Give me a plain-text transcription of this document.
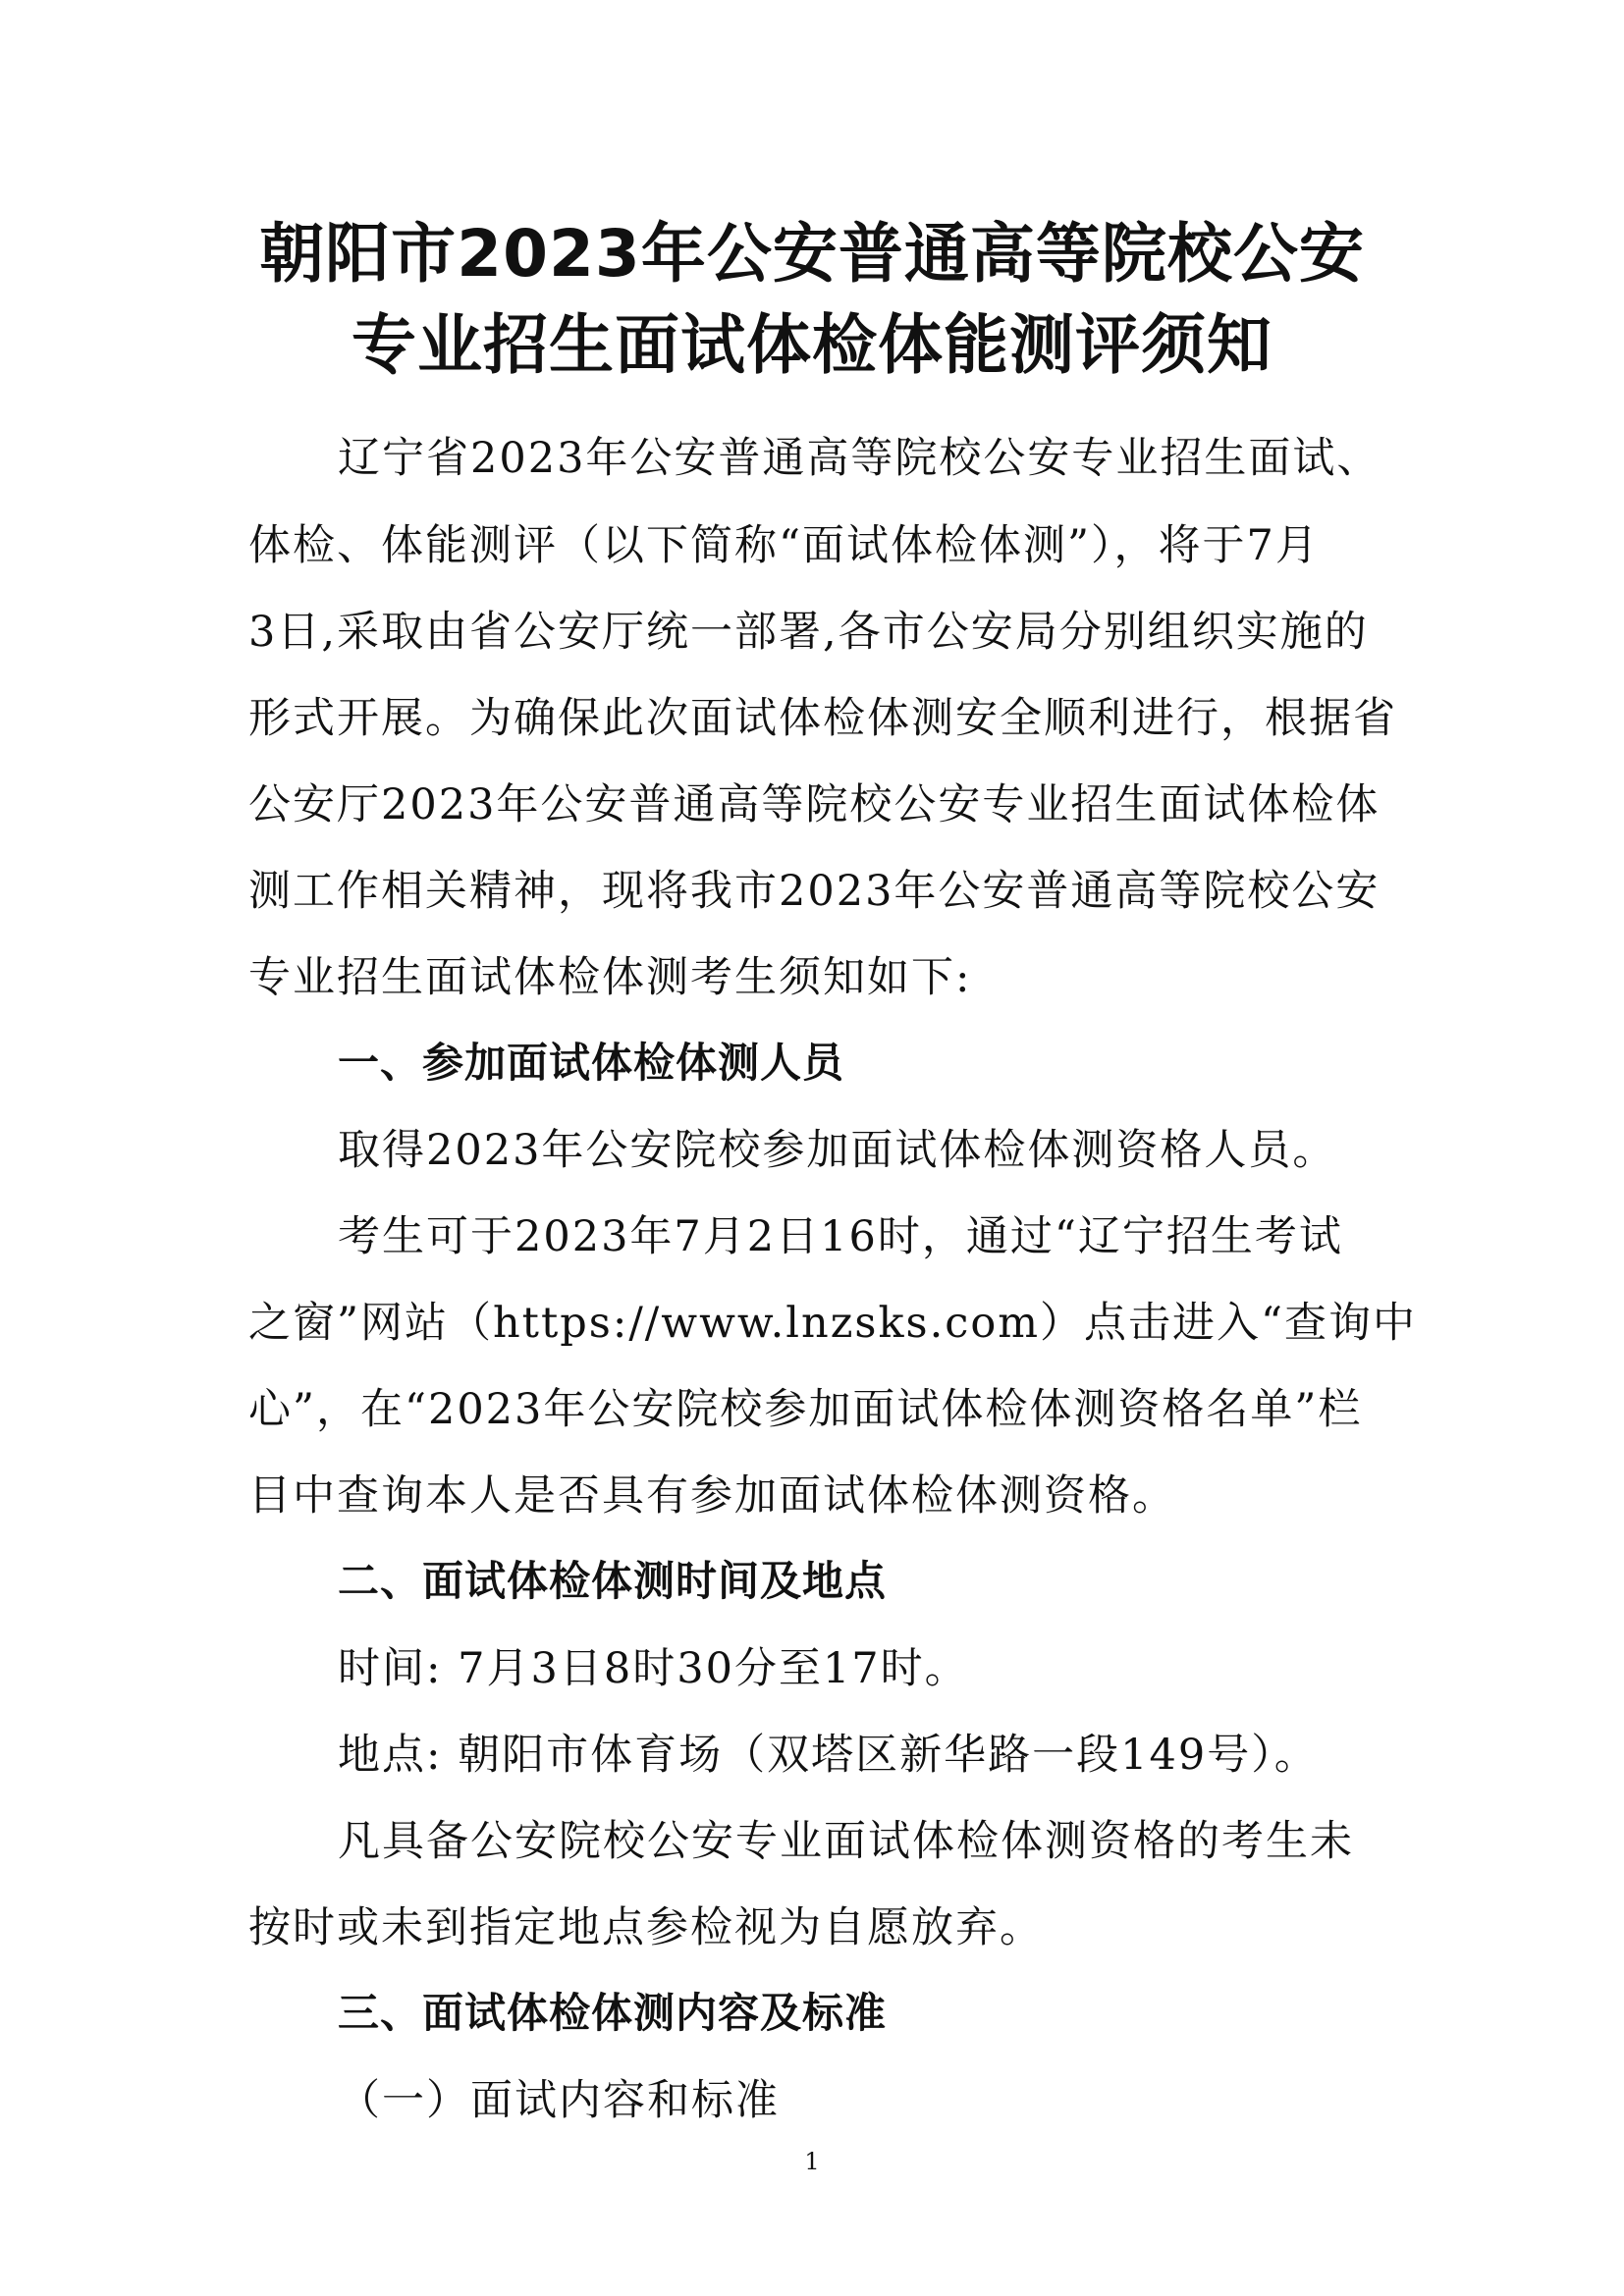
朝阳市2023年公安普通高等院校公安
专业招生面试体检体能测评须知
辽宁省2023年公安普通高等院校公安专业招生面试、
体检、体能测评（以下简称“面试体检体测”），将于7月
3日,采取由省公安厅统一部署,各市公安局分别组织实施的
形式开展。为确保此次面试体检体测安全顺利进行，根据省
公安厅2023年公安普通高等院校公安专业招生面试体检体
测工作相关精神，现将我市2023年公安普通高等院校公安
专业招生面试体检体测考生须知如下:
一、参加面试体检体测人员
取得2023年公安院校参加面试体检体测资格人员。
考生可于2023年7月2日16时，通过“辽宁招生考试
之窗”网站（https://www.lnzsks.com）点击进入“查询中
心”，在“2023年公安院校参加面试体检体测资格名单”栏
目中查询本人是否具有参加面试体检体测资格。
二、面试体检体测时间及地点
时间: 7月3日8时30分至17时。
地点: 朝阳市体育场（双塔区新华路一段149号）。
凡具备公安院校公安专业面试体检体测资格的考生未
按时或未到指定地点参检视为自愿放弃。
三、面试体检体测内容及标准
（一）面试内容和标准
1
